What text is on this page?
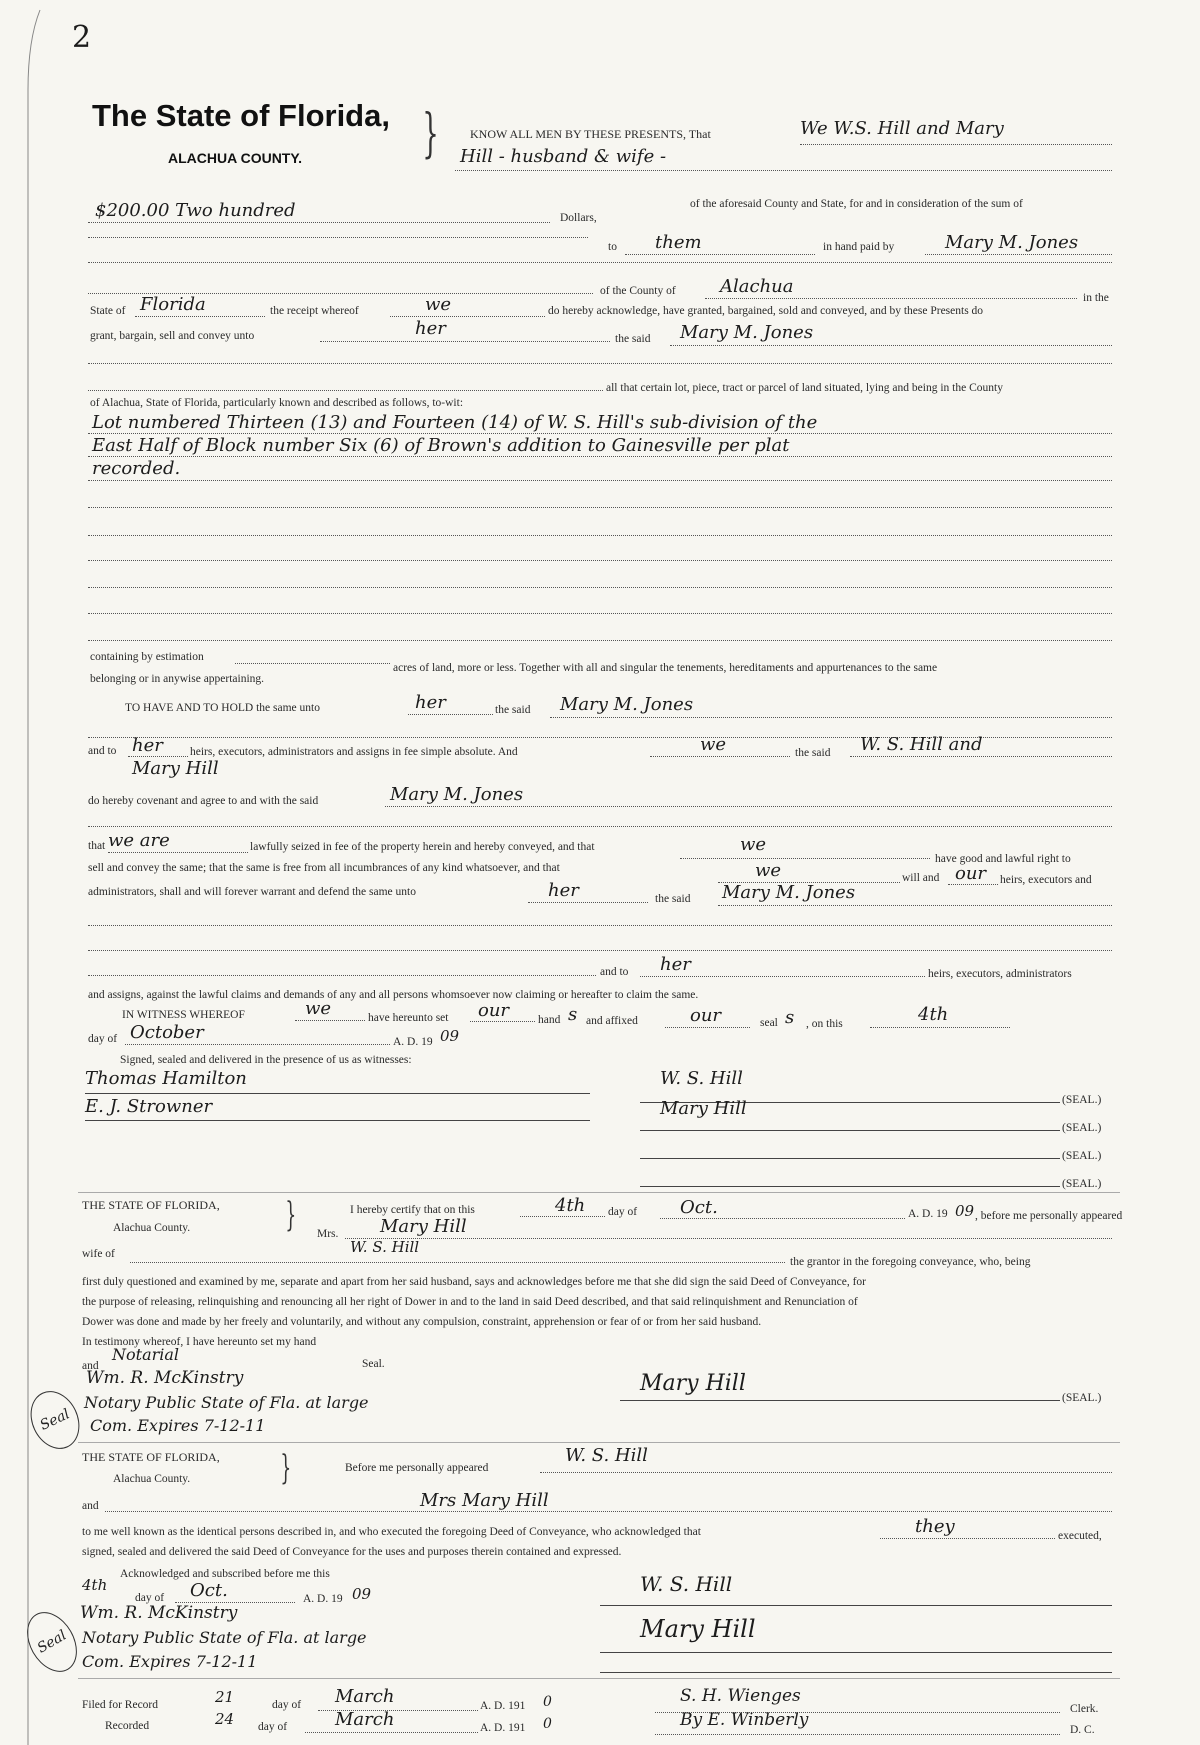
2
The State of Florida,
ALACHUA COUNTY. }	KNOW ALL MEN BY THESE PRESENTS, That	We W.S. Hill and Mary
Hill - husband & wife -
$200.00 Two hundred	of the aforesaid County and State, for and in consideration of the sum of
Dollars,
to them	in hand paid by	Mary M. Jones
of the County of Alachua
in the
State of Florida	the receipt whereof	we	do hereby acknowledge, have granted, bargained, sold and conveyed, and by these Presents do
grant, bargain, sell and convey unto	her	the said Mary M. Jones
all that certain lot, piece, tract or parcel of land situated, lying and being in the County
of Alachua, State of Florida, particularly known and described as follows, to-wit:
Lot numbered Thirteen (13) and Fourteen (14) of W. S. Hill's sub-division of the
East Half of Block number Six (6) of Brown's addition to Gainesville per plat
recorded.
containing by estimation
acres of land, more or less. Together with all and singular the tenements, hereditaments and appurtenances to the same
belonging or in anywise appertaining.
TO HAVE AND TO HOLD the same unto	her	the said Mary M. Jones
and to her heirs, executors, administrators and assigns in fee simple absolute. And	we	the said W. S. Hill and
Mary Hill
do hereby covenant and agree to and with the said	Mary M. Jones
that we are	lawfully seized in fee of the property herein and hereby conveyed, and that	we
have good and lawful right to
sell and convey the same; that the same is free from all incumbrances of any kind whatsoever, and that	we	will and our heirs, executors and
administrators, shall and will forever warrant and defend the same unto	her	the said Mary M. Jones
and to her	heirs, executors, administrators
and assigns, against the lawful claims and demands of any and all persons whomsoever now claiming or hereafter to claim the same.
IN WITNESS WHEREOF	we	have hereunto set our	hand s and affixed	our	seal s , on this	4th
day of October	A. D. 19 09
Signed, sealed and delivered in the presence of us as witnesses:
Thomas Hamilton
E. J. Strowner
W. S. Hill
(SEAL.)
Mary Hill
(SEAL.)
(SEAL.)
(SEAL.)
THE STATE OF FLORIDA,
Alachua County.	}	I hereby certify that on this	4th day of Oct.	A. D. 19 09 , before me personally appeared
Mrs. Mary Hill
wife of	W. S. Hill
the grantor in the foregoing conveyance, who, being
first duly questioned and examined by me, separate and apart from her said husband, says and acknowledges before me that she did sign the said Deed of Conveyance, for
the purpose of releasing, relinquishing and renouncing all her right of Dower in and to the land in said Deed described, and that said relinquishment and Renunciation of
Dower was done and made by her freely and voluntarily, and without any compulsion, constraint, apprehension or fear of or from her said husband.
In testimony whereof, I have hereunto set my hand
and
Notarial	Seal.
Wm. R. McKinstry
Notary Public State of Fla. at large
Com. Expires 7-12-11
Seal
Mary Hill
(SEAL.)
THE STATE OF FLORIDA,
Alachua County.	}	Before me personally appeared
W. S. Hill
and	Mrs Mary Hill
to me well known as the identical persons described in, and who executed the foregoing Deed of Conveyance, who acknowledged that	they	executed,
signed, sealed and delivered the said Deed of Conveyance for the uses and purposes therein contained and expressed.
Acknowledged and subscribed before me this
4th
day of Oct.	A. D. 19 09
Wm. R. McKinstry
Notary Public State of Fla. at large
Com. Expires 7-12-11
Seal
W. S. Hill
Mary Hill
Filed for Record	21	day of March	A. D. 191 0
Recorded	24 day of	March	A. D. 191 0
S. H. Wienges
Clerk.
By E. Winberly	D. C.
